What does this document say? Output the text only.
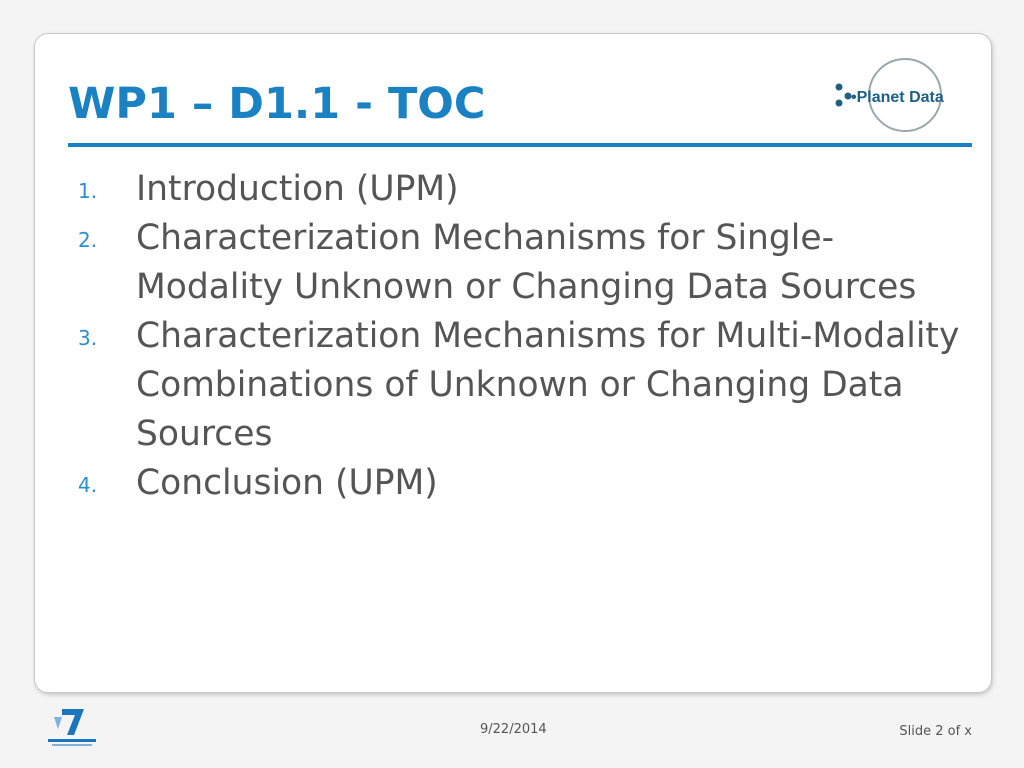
WP1 – D1.1 - TOC	•Planet Data
1. Introduction (UPM)
2. Characterization Mechanisms for Single-Modality Unknown or Changing Data Sources
3. Characterization Mechanisms for Multi-Modality Combinations of Unknown or Changing Data Sources
4. Conclusion (UPM)
9/22/2014	Slide 2 of x
